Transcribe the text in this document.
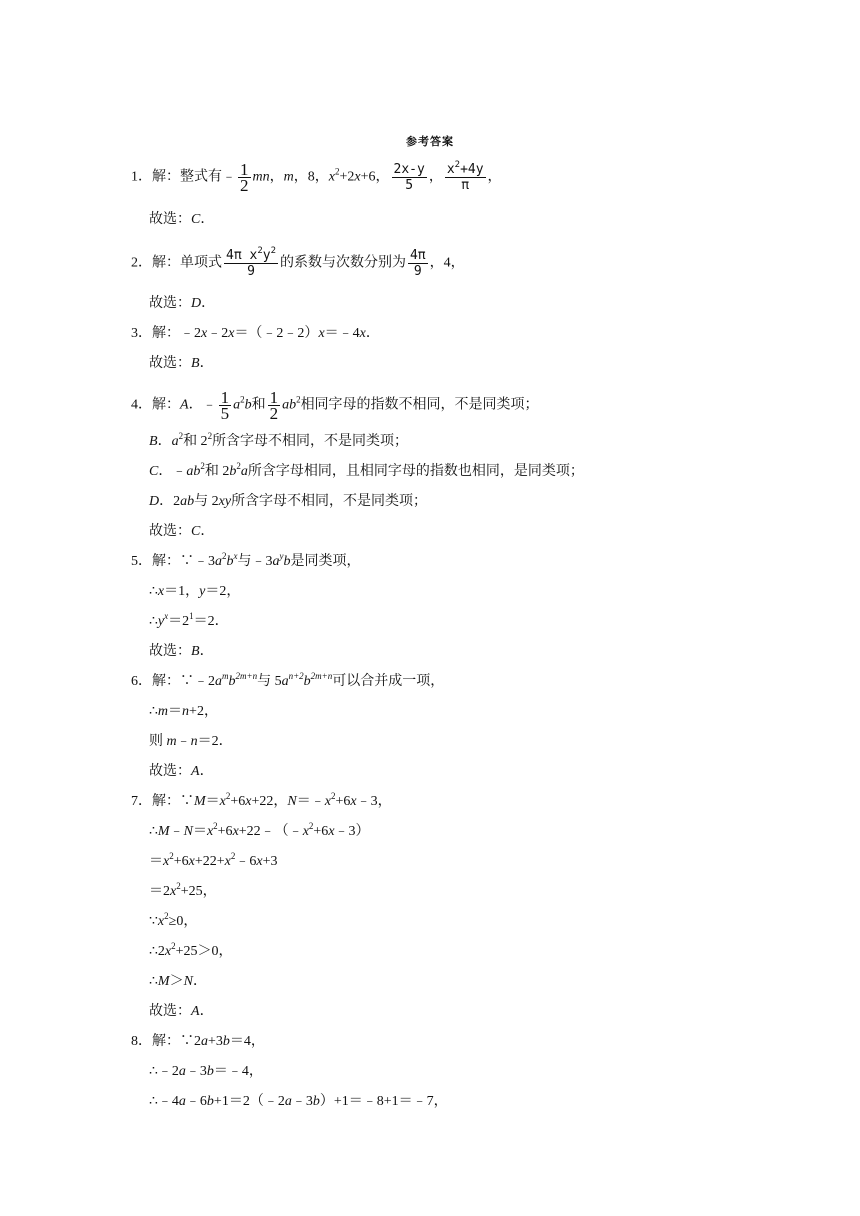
参考答案
1．解：整式有﹣ $\frac{1}{2}$ mn，m，8，$x^2+2x+6$， $\frac{2x-y}{5}$ ， $\frac{x^2+4y}{\pi}$ ，
故选：C．
2．解：单项式 $\frac{4\pi x^2y^2}{9}$ 的系数与次数分别为 $\frac{4\pi}{9}$ ，4，
故选：D．
3．解：﹣2x﹣2x＝（﹣2﹣2）x＝﹣4x．
故选：B．
4．解：A．﹣ $\frac{1}{5} a^2b$和 $\frac{1}{2} ab^2$相同字母的指数不相同，不是同类项；
B．$a^2$和 $2^2$所含字母不相同，不是同类项；
C．$﹣ab^2$和 $2b^2a$所含字母相同，且相同字母的指数也相同，是同类项；
D．2ab与 2xy所含字母不相同，不是同类项；
故选：C．
5．解：$\because﹣3a^2b^x$与$﹣3a^yb$是同类项，
∴x＝1，y＝2，
$\therefore y^x=2^1=2$．
故选：B．
6．解：$\because﹣2a^mb^{2m+n}$与 $5a^{n+2}b^{2m+n}$可以合并成一项，
∴m＝n+2，
则 m﹣n＝2．
故选：A．
7．解：$\because M=x^2+6x+22$，$N=﹣x^2+6x﹣3$，
$\therefore M﹣N=x^2+6x+22﹣(﹣x^2+6x﹣3)$
$=x^2+6x+22+x^2﹣6x+3$
$=2x^2+25$，
$\because x^2\ge 0$，
$\therefore 2x^2+25>0$，
∴M＞N．
故选：A．
8．解：∵2a+3b＝4，
∴﹣2a﹣3b＝﹣4，
∴﹣4a﹣6b+1＝2（﹣2a﹣3b）+1＝﹣8+1＝﹣7，
